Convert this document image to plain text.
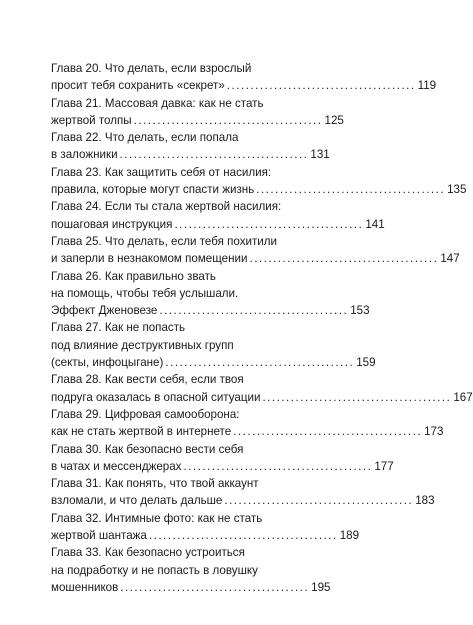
Глава 20. Что делать, если взрослый
просит тебя сохранить «секрет» ........................................ 119
Глава 21. Массовая давка: как не стать
жертвой толпы ........................................ 125
Глава 22. Что делать, если попала
в заложники ........................................ 131
Глава 23. Как защитить себя от насилия:
правила, которые могут спасти жизнь ........................................ 135
Глава 24. Если ты стала жертвой насилия:
пошаговая инструкция ........................................ 141
Глава 25. Что делать, если тебя похитили
и заперли в незнакомом помещении ........................................ 147
Глава 26. Как правильно звать
на помощь, чтобы тебя услышали.
Эффект Дженовезе ........................................ 153
Глава 27. Как не попасть
под влияние деструктивных групп
(секты, инфоцыгане) ........................................ 159
Глава 28. Как вести себя, если твоя
подруга оказалась в опасной ситуации ........................................ 167
Глава 29. Цифровая самооборона:
как не стать жертвой в интернете ........................................ 173
Глава 30. Как безопасно вести себя
в чатах и мессенджерах ........................................ 177
Глава 31. Как понять, что твой аккаунт
взломали, и что делать дальше ........................................ 183
Глава 32. Интимные фото: как не стать
жертвой шантажа ........................................ 189
Глава 33. Как безопасно устроиться
на подработку и не попасть в ловушку
мошенников ........................................ 195
